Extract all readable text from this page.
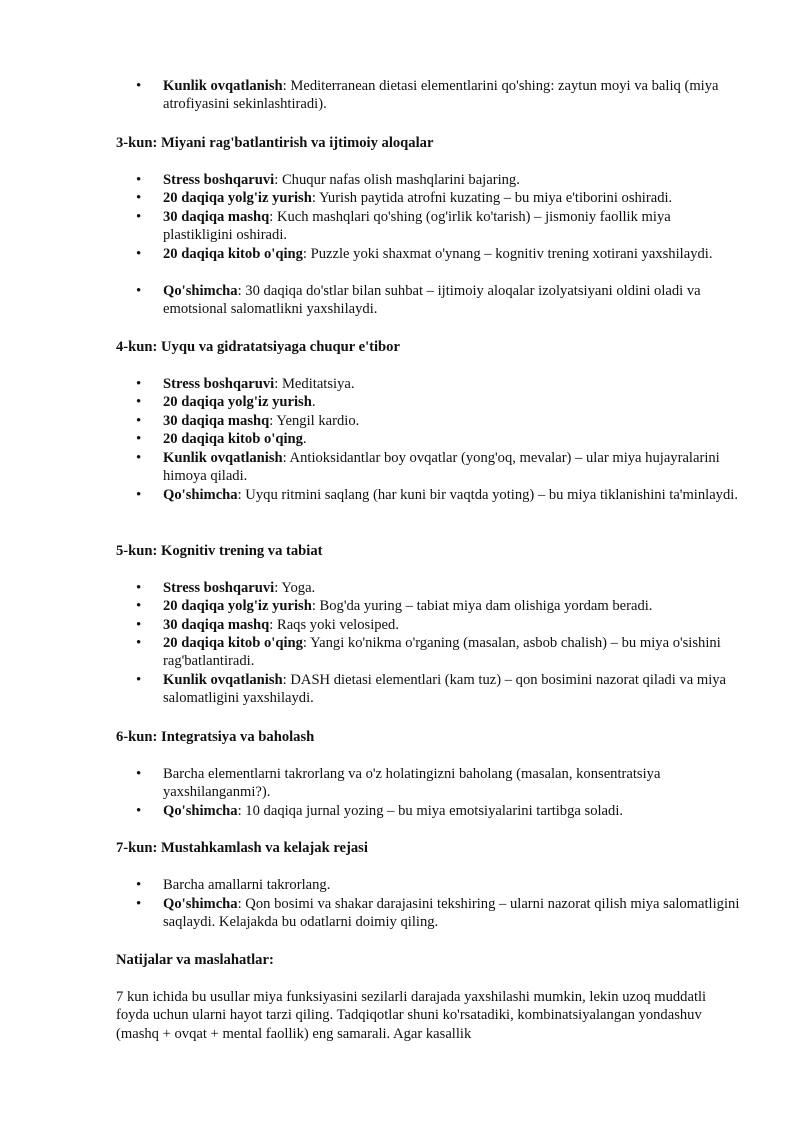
• Kunlik ovqatlanish: Mediterranean dietasi elementlarini qo'shing: zaytun moyi va baliq (miya atrofiyasini sekinlashtiradi).
3-kun: Miyani rag'batlantirish va ijtimoiy aloqalar
• Stress boshqaruvi: Chuqur nafas olish mashqlarini bajaring.
• 20 daqiqa yolg'iz yurish: Yurish paytida atrofni kuzating – bu miya e'tiborini oshiradi.
• 30 daqiqa mashq: Kuch mashqlari qo'shing (og'irlik ko'tarish) – jismoniy faollik miya plastikligini oshiradi.
• 20 daqiqa kitob o'qing: Puzzle yoki shaxmat o'ynang – kognitiv trening xotirani yaxshilaydi.
• Qo'shimcha: 30 daqiqa do'stlar bilan suhbat – ijtimoiy aloqalar izolyatsiyani oldini oladi va emotsional salomatlikni yaxshilaydi.
4-kun: Uyqu va gidratatsiyaga chuqur e'tibor
• Stress boshqaruvi: Meditatsiya.
• 20 daqiqa yolg'iz yurish.
• 30 daqiqa mashq: Yengil kardio.
• 20 daqiqa kitob o'qing.
• Kunlik ovqatlanish: Antioksidantlar boy ovqatlar (yong'oq, mevalar) – ular miya hujayralarini himoya qiladi.
• Qo'shimcha: Uyqu ritmini saqlang (har kuni bir vaqtda yoting) – bu miya tiklanishini ta'minlaydi.
5-kun: Kognitiv trening va tabiat
• Stress boshqaruvi: Yoga.
• 20 daqiqa yolg'iz yurish: Bog'da yuring – tabiat miya dam olishiga yordam beradi.
• 30 daqiqa mashq: Raqs yoki velosiped.
• 20 daqiqa kitob o'qing: Yangi ko'nikma o'rganing (masalan, asbob chalish) – bu miya o'sishini rag'batlantiradi.
• Kunlik ovqatlanish: DASH dietasi elementlari (kam tuz) – qon bosimini nazorat qiladi va miya salomatligini yaxshilaydi.
6-kun: Integratsiya va baholash
• Barcha elementlarni takrorlang va o'z holatingizni baholang (masalan, konsentratsiya yaxshilanganmi?).
• Qo'shimcha: 10 daqiqa jurnal yozing – bu miya emotsiyalarini tartibga soladi.
7-kun: Mustahkamlash va kelajak rejasi
• Barcha amallarni takrorlang.
• Qo'shimcha: Qon bosimi va shakar darajasini tekshiring – ularni nazorat qilish miya salomatligini saqlaydi. Kelajakda bu odatlarni doimiy qiling.
Natijalar va maslahatlar:
7 kun ichida bu usullar miya funksiyasini sezilarli darajada yaxshilashi mumkin, lekin uzoq muddatli foyda uchun ularni hayot tarzi qiling. Tadqiqotlar shuni ko'rsatadiki, kombinatsiyalangan yondashuv (mashq + ovqat + mental faollik) eng samarali. Agar kasallik
